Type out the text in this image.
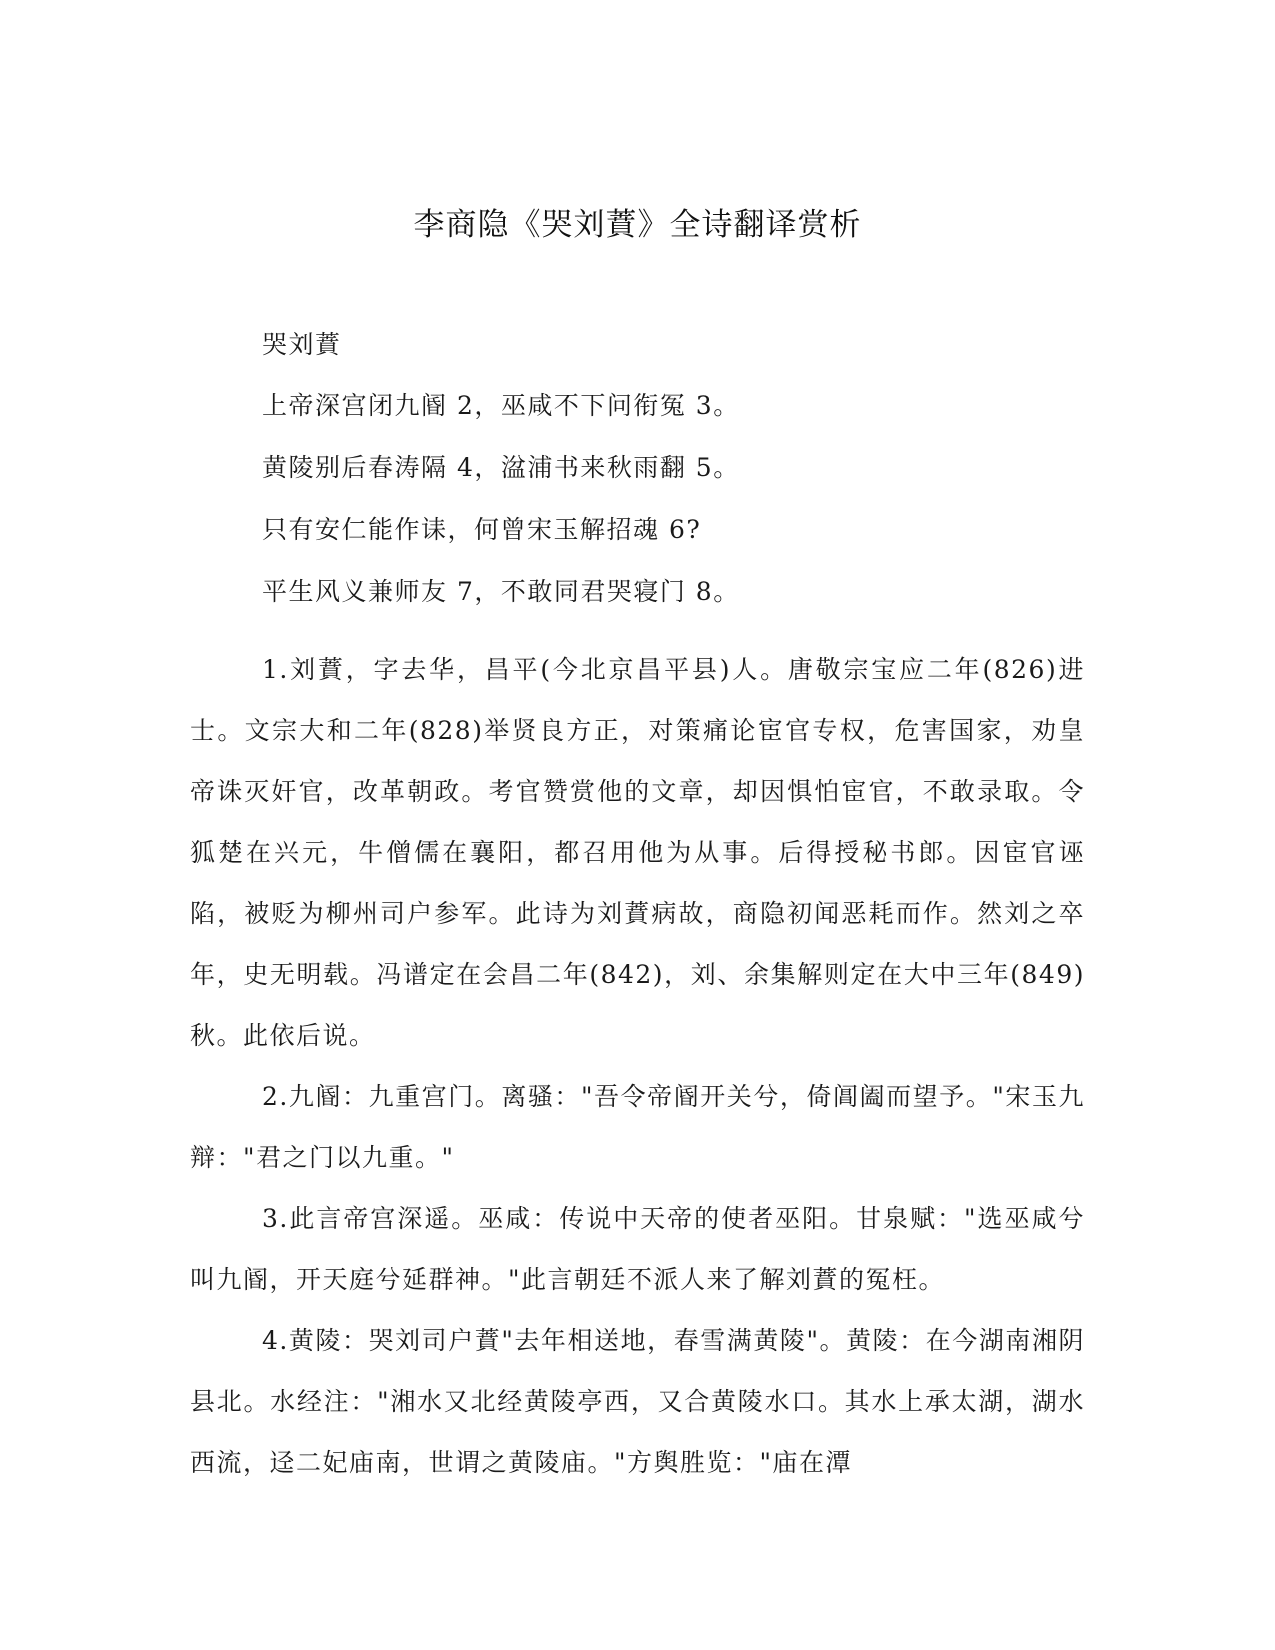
李商隐《哭刘蕡》全诗翻译赏析

哭刘蕡

上帝深宫闭九阍 2，巫咸不下问衔冤 3。

黄陵别后春涛隔 4，湓浦书来秋雨翻 5。

只有安仁能作诔，何曾宋玉解招魂 6?

平生风义兼师友 7，不敢同君哭寝门 8。

1.刘蕡，字去华，昌平(今北京昌平县)人。唐敬宗宝应二年(826)进士。文宗大和二年(828)举贤良方正，对策痛论宦官专权，危害国家，劝皇帝诛灭奸官，改革朝政。考官赞赏他的文章，却因惧怕宦官，不敢录取。令狐楚在兴元，牛僧儒在襄阳，都召用他为从事。后得授秘书郎。因宦官诬陷，被贬为柳州司户参军。此诗为刘蕡病故，商隐初闻恶耗而作。然刘之卒年，史无明载。冯谱定在会昌二年(842)，刘、余集解则定在大中三年(849)秋。此依后说。

2.九阍：九重宫门。离骚："吾令帝阍开关兮，倚阊阖而望予。"宋玉九辩："君之门以九重。"

3.此言帝宫深遥。巫咸：传说中天帝的使者巫阳。甘泉赋："选巫咸兮叫九阍，开天庭兮延群神。"此言朝廷不派人来了解刘蕡的冤枉。

4.黄陵：哭刘司户蕡"去年相送地，春雪满黄陵"。黄陵：在今湖南湘阴县北。水经注："湘水又北经黄陵亭西，又合黄陵水口。其水上承太湖，湖水西流，迳二妃庙南，世谓之黄陵庙。"方舆胜览："庙在潭
